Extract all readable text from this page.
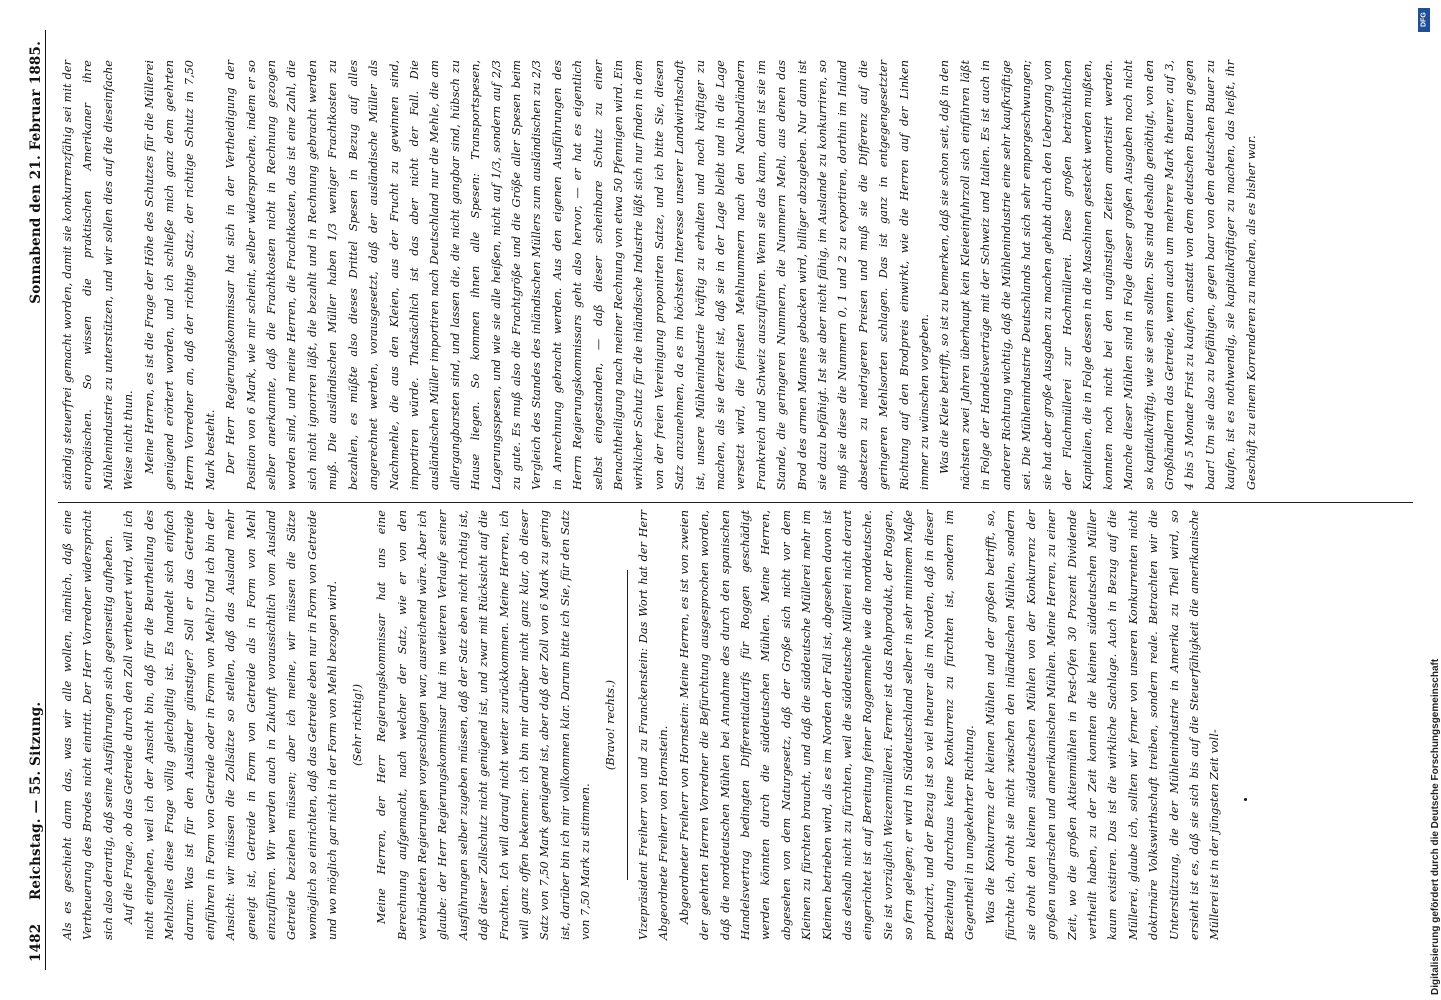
1482
Reichstag. — 55. Sitzung.
Sonnabend den 21. Februar 1885.

Als es geschieht dann das, was wir alle wollen, nämlich, daß eine Vertheuerung des Brodes nicht eintritt. Der Herr Vorredner widerspricht sich also derartig, daß seine Ausführungen sich gegenseitig aufheben. Auf die Frage, ob das Getreide durch den Zoll vertheuert wird, will ich nicht eingehen, weil ich der Ansicht bin, daß für die Beurtheilung des Mehlzolles diese Frage völlig gleichgiltig ist. Es handelt sich einfach darum: Was ist für den Ausländer günstiger? Soll er das Getreide einführen in Form von Getreide oder in Form von Mehl? Und ich bin der Ansicht: wir müssen die Zollsätze so stellen, daß das Ausland mehr geneigt ist, Getreide in Form von Getreide als in Form von Mehl einzuführen. Wir werden auch in Zukunft voraussichtlich vom Ausland Getreide beziehen müssen; aber ich meine, wir müssen die Sätze womöglich so einrichten, daß das Getreide eben nur in Form von Getreide und wo möglich gar nicht in der Form von Mehl bezogen wird.	(Sehr richtig!)	Meine Herren, der Herr Regierungskommissar hat uns eine Berechnung aufgemacht, nach welcher der Satz, wie er von den verbündeten Regierungen vorgeschlagen war, ausreichend wäre. Aber ich glaube: der Herr Regierungskommissar hat im weiteren Verlaufe seiner Ausführungen selber zugeben müssen, daß der Satz eben nicht richtig ist, daß dieser Zollschutz nicht genügend ist, und zwar mit Rücksicht auf die Frachten. Ich will darauf nicht weiter zurückkommen. Meine Herren, ich will ganz offen bekennen: ich bin mir darüber nicht ganz klar, ob dieser Satz von 7,50 Mark genügend ist, aber daß der Zoll von 6 Mark zu gering ist, darüber bin ich mir vollkommen klar. Darum bitte ich Sie, für den Satz von 7,50 Mark zu stimmen.

(Bravo! rechts.)	Vizepräsident Freiherr von und zu Franckenstein: Das Wort hat der Herr Abgeordnete Freiherr von Hornstein. Abgeordneter Freiherr von Hornstein: Meine Herren, es ist von zweien der geehrten Herren Vorredner die Befürchtung ausgesprochen worden, daß die norddeutschen Mühlen bei Annahme des durch den spanischen Handelsvertrag bedingten Differentialtarifs für Roggen geschädigt werden könnten durch die süddeutschen Mühlen. Meine Herren, abgesehen von dem Naturgesetz, daß der Große sich nicht vor dem Kleinen zu fürchten braucht, und daß die süddeutsche Müllerei mehr im Kleinen betrieben wird, als es im Norden der Fall ist, abgesehen davon ist das deshalb nicht zu fürchten, weil die süddeutsche Müllerei nicht derart eingerichtet ist auf Bereitung feiner Roggenmehle wie die norddeutsche. Sie ist vorzüglich Weizenmüllerei. Ferner ist das Rohprodukt, der Roggen, so fern gelegen; er wird in Süddeutschland selber in sehr minimem Maße produzirt, und der Bezug ist so viel theurer als im Norden, daß in dieser Beziehung durchaus keine Konkurrenz zu fürchten ist, sondern im Gegentheil in umgekehrter Richtung. Was die Konkurrenz der kleinen Mühlen und der großen betrifft, so, fürchte ich, droht sie nicht zwischen den inländischen Mühlen, sondern sie droht den kleinen süddeutschen Mühlen von der Konkurrenz der großen ungarischen und amerikanischen Mühlen. Meine Herren, zu einer Zeit, wo die großen Aktienmühlen in Pest-Ofen 30 Prozent Dividende vertheilt haben, zu der Zeit konnten die kleinen süddeutschen Müller kaum existiren. Das ist die wirkliche Sachlage. Auch in Bezug auf die Müllerei, glaube ich, sollten wir ferner von unseren Konkurrenten nicht doktrinäre Volkswirthschaft treiben, sondern reale. Betrachten wir die Unterstützung, die der Mühlenindustrie in Amerika zu Theil wird, so ersieht ist es, daß sie sich bis auf die Steuerfähigkeit die amerikanische Müllerei ist in der jüngsten Zeit voll-

ständig steuerfrei gemacht worden, damit sie konkurrenzfähig sei mit der europäischen. So wissen die praktischen Amerikaner ihre Mühlenindustrie zu unterstützen, und wir sollen dies auf die dieseinfache Weise nicht thun. Meine Herren, es ist die Frage der Höhe des Schutzes für die Müllerei genügend erörtert worden, und ich schließe mich ganz dem geehrten Herrn Vorredner an, daß der richtige Satz, der richtige Schutz in 7,50 Mark besteht. Der Herr Regierungskommissar hat sich in der Vertheidigung der Position von 6 Mark, wie mir scheint, selber widersprochen, indem er so selber anerkannte, daß die Frachtkosten nicht in Rechnung gezogen worden sind, und meine Herren, die Frachtkosten, das ist eine Zahl, die sich nicht ignoriren läßt, die bezahlt und in Rechnung gebracht werden muß. Die ausländischen Müller haben 1/3 weniger Frachtkosten zu bezahlen, es müßte also dieses Drittel Spesen in Bezug auf alles angerechnet werden, vorausgesetzt, daß der ausländische Müller als Nachmehle, die aus den Kleien, aus der Frucht zu gewinnen sind, importiren würde. Thatsächlich ist das aber nicht der Fall. Die ausländischen Müller importiren nach Deutschland nur die Mehle, die am allergangbarsten sind, und lassen die, die nicht gangbar sind, hübsch zu Hause liegen. So kommen ihnen alle Spesen: Transportspesen, Lagerungsspesen, und wie sie alle heißen, nicht auf 1/3, sondern auf 2/3 zu gute. Es muß also die Frachtgröße und die Größe aller Spesen beim Vergleich des Standes des inländischen Müllers zum ausländischen zu 2/3 in Anrechnung gebracht werden. Aus den eigenen Ausführungen des Herrn Regierungskommissars geht also hervor, — er hat es eigentlich selbst eingestanden, — daß dieser scheinbare Schutz zu einer Benachtheiligung nach meiner Rechnung von etwa 50 Pfennigen wird. Ein wirklicher Schutz für die inländische Industrie läßt sich nur finden in dem von der freien Vereinigung proponirten Satze, und ich bitte Sie, diesen Satz anzunehmen, da es im höchsten Interesse unserer Landwirthschaft ist, unsere Mühlenindustrie kräftig zu erhalten und noch kräftiger zu machen, als sie derzeit ist, daß sie in der Lage bleibt und in die Lage versetzt wird, die feinsten Mehlnummern nach den Nachbarländern Frankreich und Schweiz auszuführen. Wenn sie das kann, dann ist sie im Stande, die geringeren Nummern, die Nummern Mehl, aus denen das Brod des armen Mannes gebacken wird, billiger abzugeben. Nur dann ist sie dazu befähigt. Ist sie aber nicht fähig, im Auslande zu konkurriren, so muß sie diese die Nummern 0, 1 und 2 zu exportiren, dorthin im Inland absetzen zu niedrigeren Preisen und muß sie die Differenz auf die geringeren Mehlsorten schlagen. Das ist ganz in entgegengesetzter Richtung auf den Brodpreis einwirkt, wie die Herren auf der Linken immer zu wünschen vorgeben. Was die Kleie betrifft, so ist zu bemerken, daß sie schon seit, daß in den nächsten zwei Jahren überhaupt kein Kleieeinfuhrzoll sich einführen läßt in Folge der Handelsverträge mit der Schweiz und Italien. Es ist auch in anderer Richtung wichtig, daß die Mühlenindustrie eine sehr kaufkräftige sei. Die Mühlenindustrie Deutschlands hat sich sehr emporgeschwungen; sie hat aber große Ausgaben zu machen gehabt durch den Uebergang von der Flachmüllerei zur Hochmüllerei. Diese großen beträchtlichen Kapitalien, die in Folge dessen in die Maschinen gesteckt werden mußten, konnten noch nicht bei den ungünstigen Zeiten amortisirt werden. Manche dieser Mühlen sind in Folge dieser großen Ausgaben noch nicht so kapitalkräftig, wie sie sein sollten. Sie sind deshalb genöthigt, von den Großhändlern das Getreide, wenn auch um mehrere Mark theurer, auf 3, 4 bis 5 Monate Frist zu kaufen, anstatt von dem deutschen Bauern gegen baar! Um sie also zu befähigen, gegen baar von dem deutschen Bauer zu kaufen, ist es nothwendig, sie kapitalkräftiger zu machen, das heißt, ihr Geschäft zu einem Korrenderen zu machen, als es bisher war.

Digitalisierung gefördert durch die Deutsche Forschungsgemeinschaft
DFG
